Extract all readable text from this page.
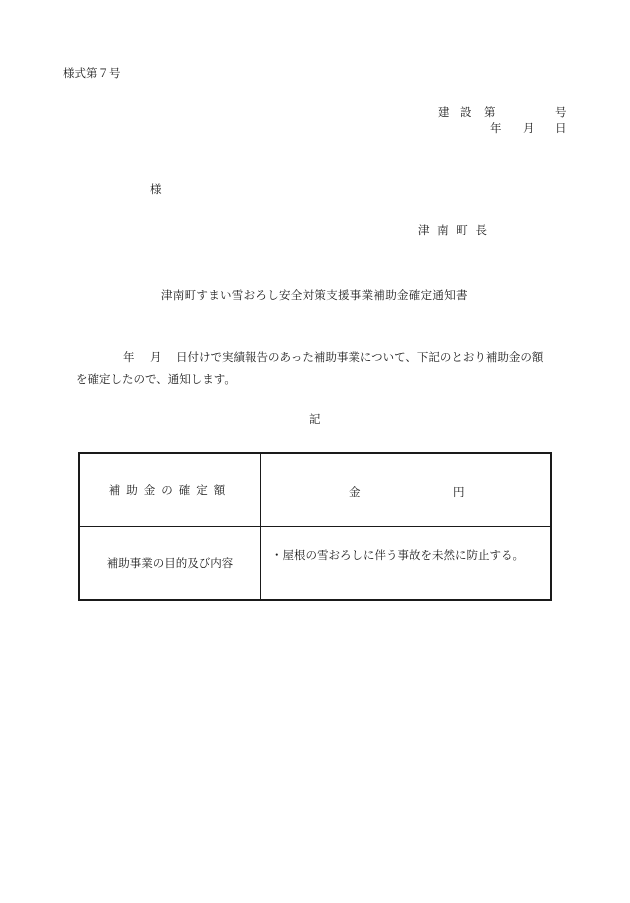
様式第７号
建 設 第	号
年 月 日
様
津 南 町 長
津南町すまい雪おろし安全対策支援事業補助金確定通知書
年 月 日付けで実績報告のあった補助事業について、下記のとおり補助金の額
を確定したので、通知します。
記
補助金の確定額	金 円

補助事業の目的及び内容	・屋根の雪おろしに伴う事故を未然に防止する。
